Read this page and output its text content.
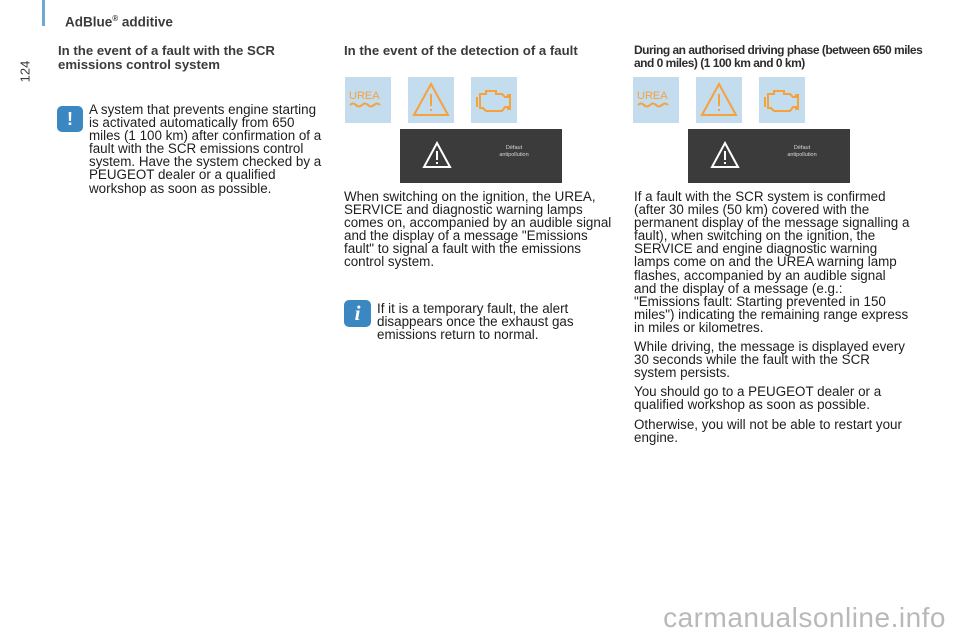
124
AdBlue® additive
In the event of a fault with the SCR emissions control system
!	A system that prevents engine starting is activated automatically from 650 miles (1 100 km) after confirmation of a fault with the SCR emissions control system. Have the system checked by a PEUGEOT dealer or a qualified workshop as soon as possible.

In the event of the detection of a fault
UREA
Défaut
antipollution

When switching on the ignition, the UREA, SERVICE and diagnostic warning lamps comes on, accompanied by an audible signal and the display of a message "Emissions fault" to signal a fault with the emissions control system.

i	If it is a temporary fault, the alert disappears once the exhaust gas emissions return to normal.
During an authorised driving phase (between 650 miles and 0 miles) (1 100 km and 0 km)
UREA
Défaut
antipollution

If a fault with the SCR system is confirmed (after 30 miles (50 km) covered with the permanent display of the message signalling a fault), when switching on the ignition, the SERVICE and engine diagnostic warning lamps come on and the UREA warning lamp flashes, accompanied by an audible signal and the display of a message (e.g.: "Emissions fault: Starting prevented in 150 miles") indicating the remaining range express in miles or kilometres.

While driving, the message is displayed every 30 seconds while the fault with the SCR system persists.

You should go to a PEUGEOT dealer or a qualified workshop as soon as possible.

Otherwise, you will not be able to restart your engine.

carmanualsonline.info
